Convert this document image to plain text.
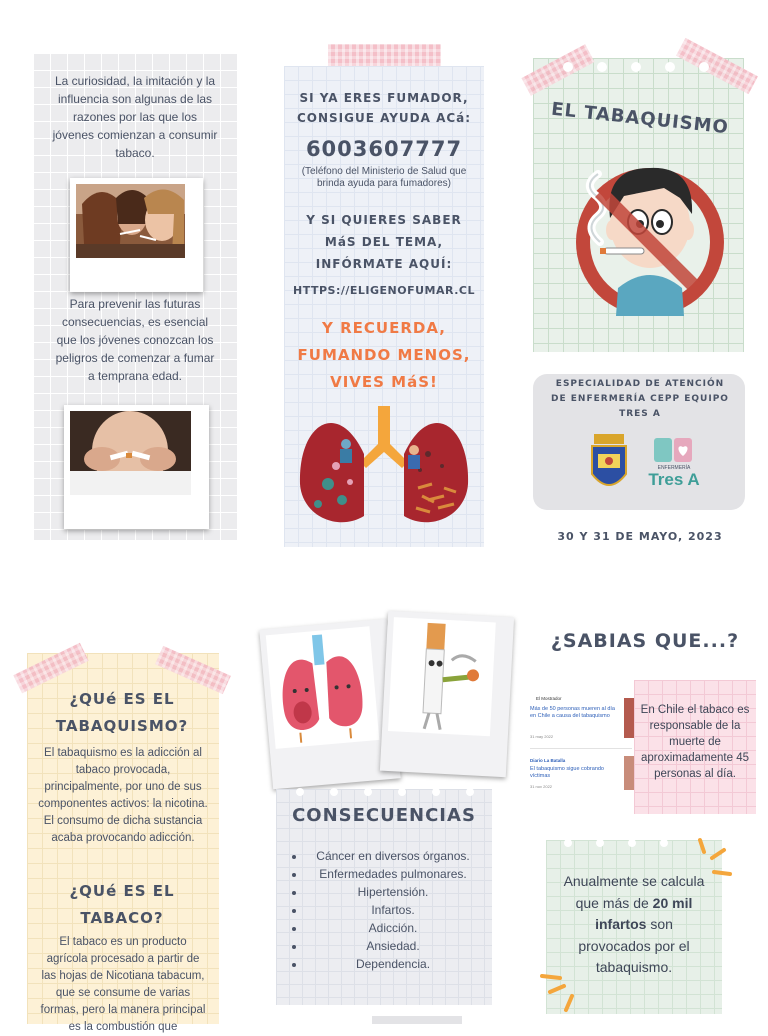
La curiosidad, la imitación y la influencia son algunas de las razones por las que los jóvenes comienzan a consumir tabaco.
Para prevenir las futuras consecuencias, es esencial que los jóvenes conozcan los peligros de comenzar a fumar a temprana edad.
SI YA ERES FUMADOR, CONSIGUE AYUDA ACá:
6003607777
(Teléfono del Ministerio de Salud que brinda ayuda para fumadores)
Y SI QUIERES SABER MáS DEL TEMA, INFÓRMATE AQUÍ:
HTTPS://ELIGENOFUMAR.CL
Y RECUERDA, FUMANDO MENOS, VIVES MáS!
EL TABAQUISMO
ESPECIALIDAD DE ATENCIÓN DE ENFERMERÍA CEPP EQUIPO TRES A
ENFERMERÍA
Tres A
30 Y 31 DE MAYO, 2023
¿QUé ES EL TABAQUISMO?
El tabaquismo es la adicción al tabaco provocada, principalmente, por uno de sus componentes activos: la nicotina. El consumo de dicha sustancia acaba provocando adicción.
¿QUé ES EL TABACO?
El tabaco es un producto agrícola procesado a partir de las hojas de Nicotiana tabacum, que se consume de varias formas, pero la manera principal es la combustión que
CONSECUENCIAS
• Cáncer en diversos órganos.
• Enfermedades pulmonares.
• Hipertensión.
• Infartos.
• Adicción.
• Ansiedad.
• Dependencia.
¿SABIAS QUE...?
El Mostrador
Más de 50 personas mueren al día en Chile a causa del tabaquismo
31 may 2022
Diario La Batalla
El tabaquismo sigue cobrando víctimas
31 nov 2022
En Chile el tabaco es responsable de la muerte de aproximadamente 45 personas al día.
Anualmente se calcula que más de 20 mil infartos son provocados por el tabaquismo.
